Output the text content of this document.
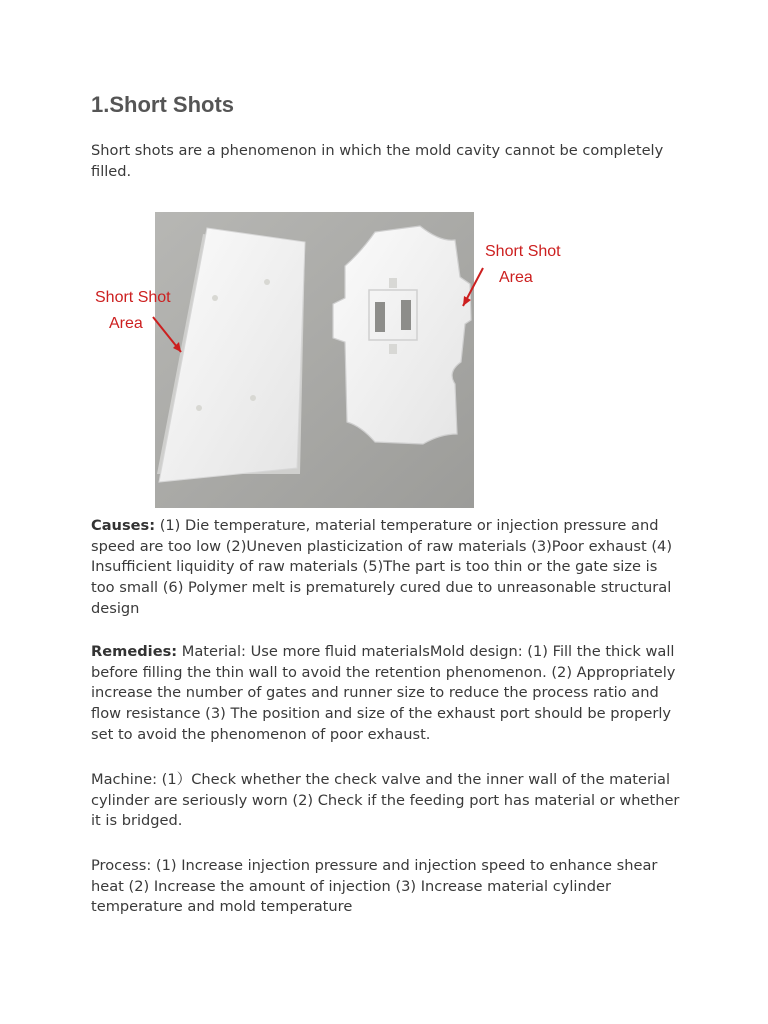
1.Short Shots

Short shots are a phenomenon in which the mold cavity cannot be completely filled.

Short Shot
Area
Short Shot
Area

Causes: (1) Die temperature, material temperature or injection pressure and speed are too low (2)Uneven plasticization of raw materials (3)Poor exhaust (4) Insufficient liquidity of raw materials (5)The part is too thin or the gate size is too small (6) Polymer melt is prematurely cured due to unreasonable structural design

Remedies: Material: Use more fluid materialsMold design: (1) Fill the thick wall before filling the thin wall to avoid the retention phenomenon. (2) Appropriately increase the number of gates and runner size to reduce the process ratio and flow resistance (3) The position and size of the exhaust port should be properly set to avoid the phenomenon of poor exhaust.

Machine: (1）Check whether the check valve and the inner wall of the material cylinder are seriously worn (2) Check if the feeding port has material or whether it is bridged.

Process: (1) Increase injection pressure and injection speed to enhance shear heat (2) Increase the amount of injection (3) Increase material cylinder temperature and mold temperature
